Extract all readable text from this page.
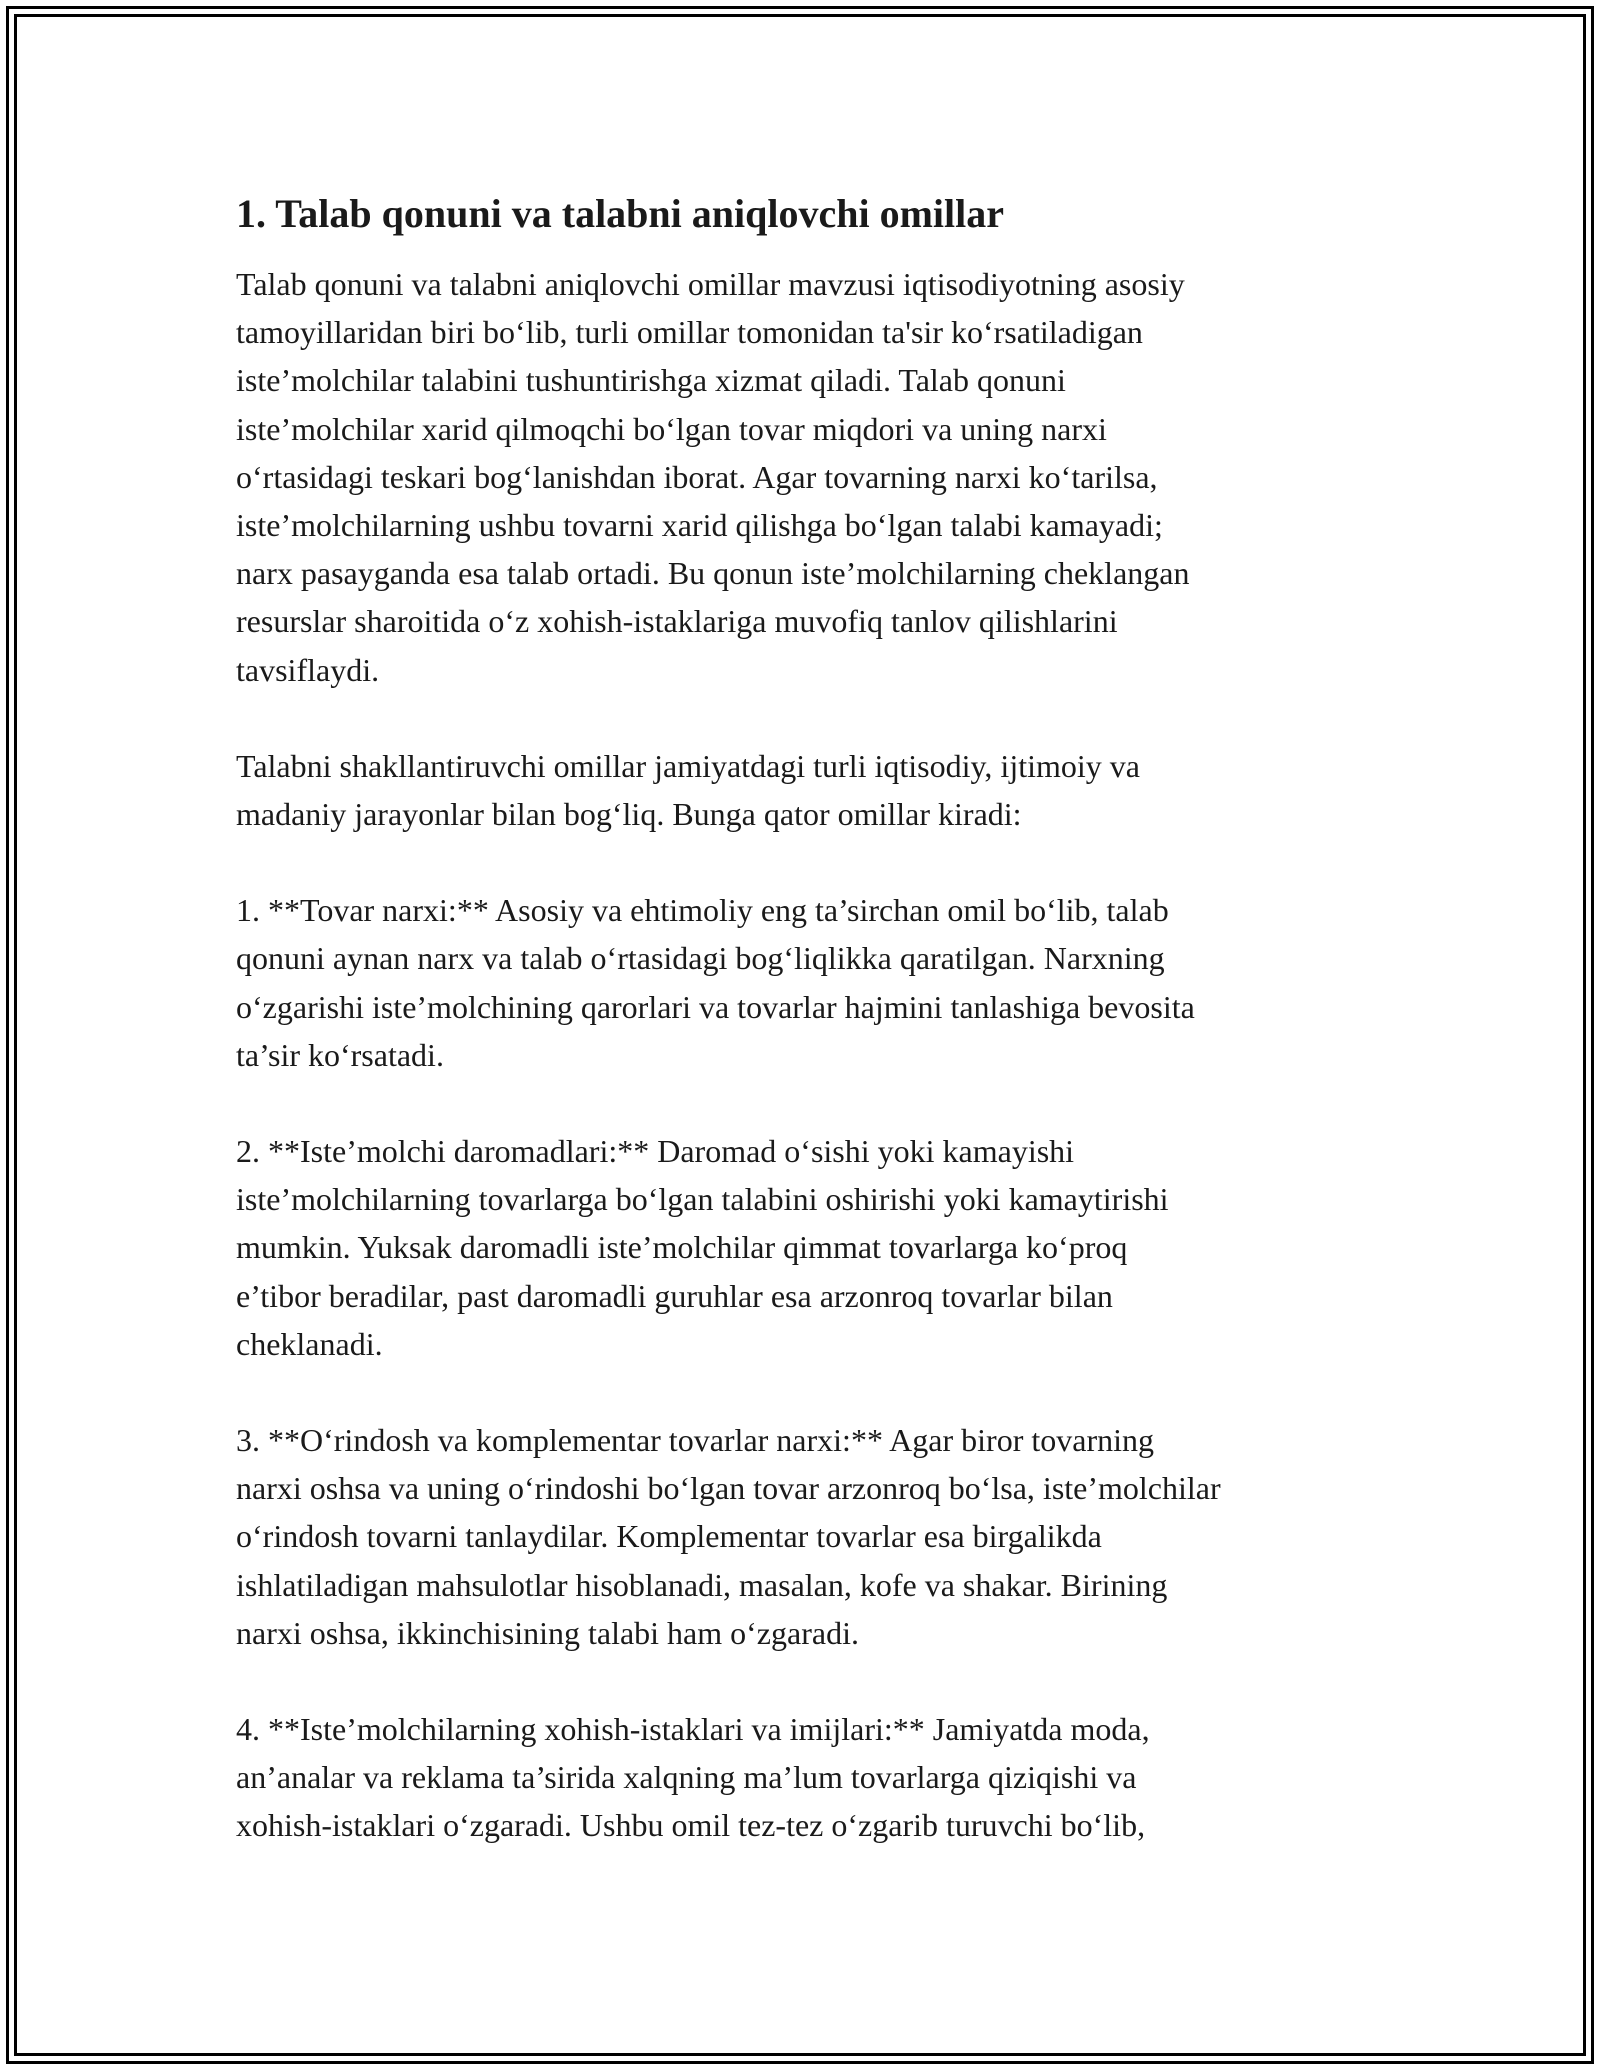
1. Talab qonuni va talabni aniqlovchi omillar

Talab qonuni va talabni aniqlovchi omillar mavzusi iqtisodiyotning asosiy
tamoyillaridan biri bo‘lib, turli omillar tomonidan ta'sir ko‘rsatiladigan
iste’molchilar talabini tushuntirishga xizmat qiladi. Talab qonuni
iste’molchilar xarid qilmoqchi bo‘lgan tovar miqdori va uning narxi
o‘rtasidagi teskari bog‘lanishdan iborat. Agar tovarning narxi ko‘tarilsa,
iste’molchilarning ushbu tovarni xarid qilishga bo‘lgan talabi kamayadi;
narx pasayganda esa talab ortadi. Bu qonun iste’molchilarning cheklangan
resurslar sharoitida o‘z xohish-istaklariga muvofiq tanlov qilishlarini
tavsiflaydi.

Talabni shakllantiruvchi omillar jamiyatdagi turli iqtisodiy, ijtimoiy va
madaniy jarayonlar bilan bog‘liq. Bunga qator omillar kiradi:

1. **Tovar narxi:** Asosiy va ehtimoliy eng ta’sirchan omil bo‘lib, talab
qonuni aynan narx va talab o‘rtasidagi bog‘liqlikka qaratilgan. Narxning
o‘zgarishi iste’molchining qarorlari va tovarlar hajmini tanlashiga bevosita
ta’sir ko‘rsatadi.

2. **Iste’molchi daromadlari:** Daromad o‘sishi yoki kamayishi
iste’molchilarning tovarlarga bo‘lgan talabini oshirishi yoki kamaytirishi
mumkin. Yuksak daromadli iste’molchilar qimmat tovarlarga ko‘proq
e’tibor beradilar, past daromadli guruhlar esa arzonroq tovarlar bilan
cheklanadi.

3. **O‘rindosh va komplementar tovarlar narxi:** Agar biror tovarning
narxi oshsa va uning o‘rindoshi bo‘lgan tovar arzonroq bo‘lsa, iste’molchilar
o‘rindosh tovarni tanlaydilar. Komplementar tovarlar esa birgalikda
ishlatiladigan mahsulotlar hisoblanadi, masalan, kofe va shakar. Birining
narxi oshsa, ikkinchisining talabi ham o‘zgaradi.

4. **Iste’molchilarning xohish-istaklari va imijlari:** Jamiyatda moda,
an’analar va reklama ta’sirida xalqning ma’lum tovarlarga qiziqishi va
xohish-istaklari o‘zgaradi. Ushbu omil tez-tez o‘zgarib turuvchi bo‘lib,
